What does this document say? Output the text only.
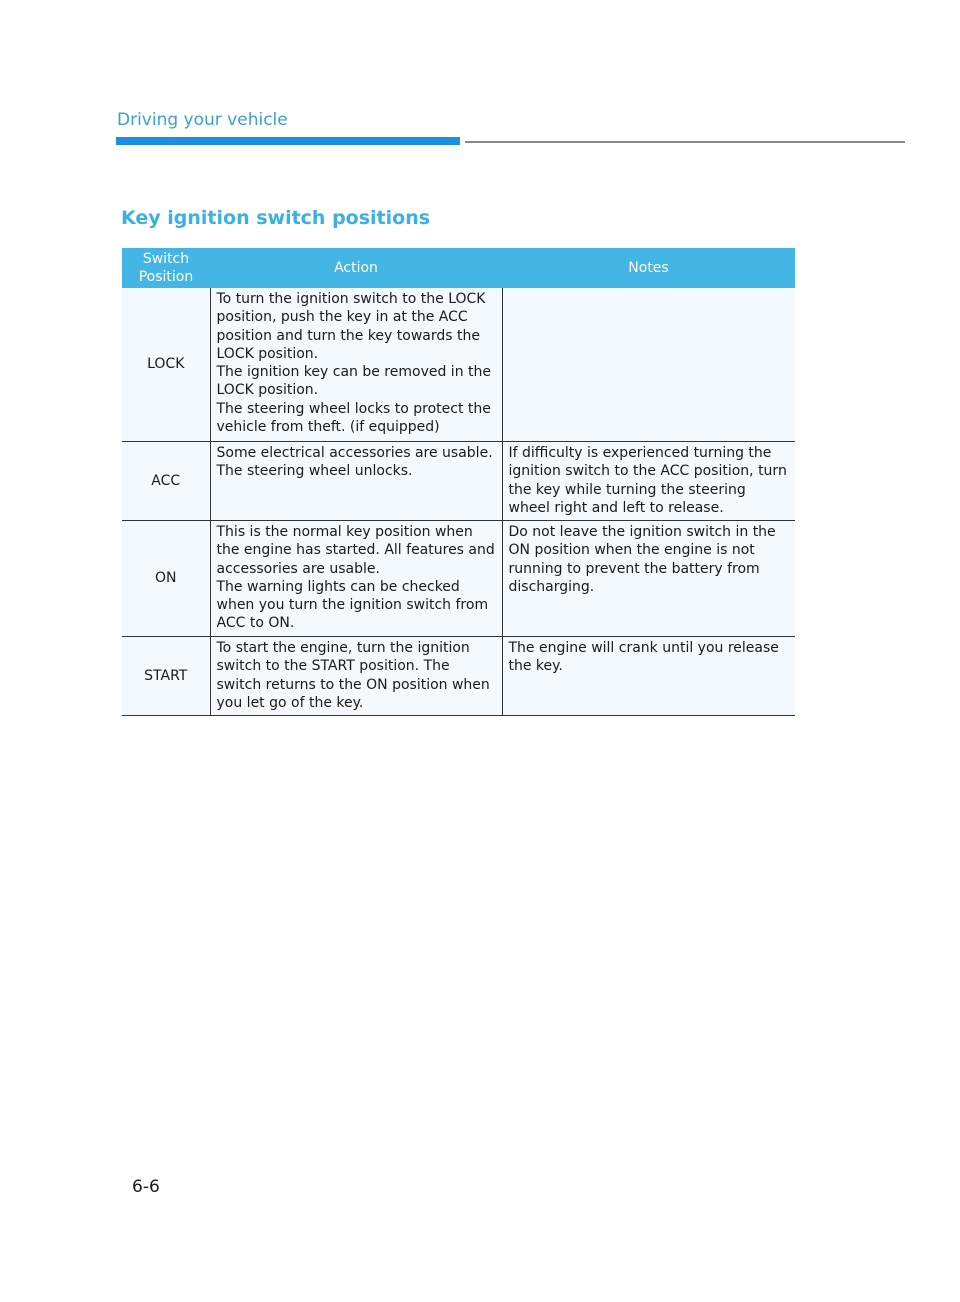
Driving your vehicle
Key ignition switch positions
Switch
Position	Action	Notes
LOCK	To turn the ignition switch to the LOCK position, push the key in at the ACC position and turn the key towards the LOCK position.
The ignition key can be removed in the LOCK position.
The steering wheel locks to protect the vehicle from theft. (if equipped)	
ACC	Some electrical accessories are usable. The steering wheel unlocks.	If difficulty is experienced turning the ignition switch to the ACC position, turn the key while turning the steering wheel right and left to release.
ON	This is the normal key position when the engine has started. All features and accessories are usable.
The warning lights can be checked when you turn the ignition switch from ACC to ON.	Do not leave the ignition switch in the ON position when the engine is not running to prevent the battery from discharging.
START	To start the engine, turn the ignition switch to the START position. The switch returns to the ON position when you let go of the key.	The engine will crank until you release the key.
6-6
